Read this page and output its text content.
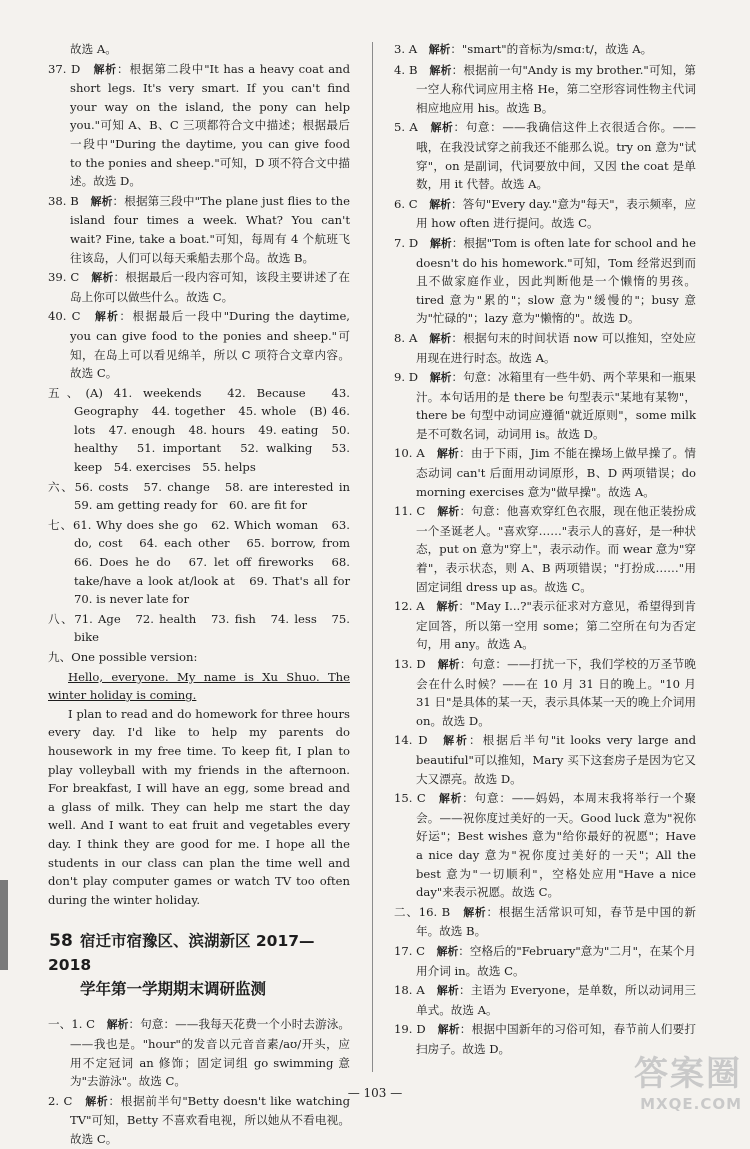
故选 A。
37. D　 解析：根据第二段中"It has a heavy coat and short legs. It's very smart. If you can't find your way on the island, the pony can help you."可知 A、B、C 三项都符合文中描述；根据最后一段中"During the daytime, you can give food to the ponies and sheep."可知，D 项不符合文中描述。故选 D。
38. B　 解析：根据第三段中"The plane just flies to the island four times a week. What? You can't wait? Fine, take a boat."可知，每周有 4 个航班飞往该岛，人们可以每天乘船去那个岛。故选 B。
39. C　 解析：根据最后一段内容可知，该段主要讲述了在岛上你可以做些什么。故选 C。
40. C　 解析：根据最后一段中"During the daytime, you can give food to the ponies and sheep."可知，在岛上可以看见绵羊，所以 C 项符合文章内容。故选 C。
五、(A) 41. weekends　42. Because　43. Geography　44. together　45. whole　(B) 46. lots　47. enough　48. hours　49. eating　50. healthy　51. important　52. walking　53. keep　54. exercises　55. helps
六、56. costs　57. change　58. are interested in　59. am getting ready for　60. are fit for
七、61. Why does she go　62. Which woman　63. do, cost　64. each other　65. borrow, from　66. Does he do　67. let off fireworks　68. take/have a look at/look at　69. That's all for　70. is never late for
八、71. Age　72. health　73. fish　74. less　75. bike
九、One possible version:

Hello, everyone. My name is Xu Shuo. The winter holiday is coming.

I plan to read and do homework for three hours every day. I'd like to help my parents do housework in my free time. To keep fit, I plan to play volleyball with my friends in the afternoon. For breakfast, I will have an egg, some bread and a glass of milk. They can help me start the day well. And I want to eat fruit and vegetables every day. I think they are good for me. I hope all the students in our class can plan the time well and don't play computer games or watch TV too often during the winter holiday.

58 宿迁市宿豫区、滨湖新区 2017—2018
学年第一学期期末调研监测
一、1. C　 解析：句意：——我每天花费一个小时去游泳。——我也是。"hour"的发音以元音音素/aʊ/开头，应用不定冠词 an 修饰；固定词组 go swimming 意为"去游泳"。故选 C。
2. C　 解析：根据前半句"Betty doesn't like watching TV"可知，Betty 不喜欢看电视，所以她从不看电视。故选 C。
3. A　 解析："smart"的音标为/smɑːt/，故选 A。
4. B　 解析：根据前一句"Andy is my brother."可知，第一空人称代词应用主格 He，第二空形容词性物主代词相应地应用 his。故选 B。
5. A　 解析：句意：——我确信这件上衣很适合你。——哦，在我没试穿之前我还不能那么说。try on 意为"试穿"，on 是副词，代词要放中间，又因 the coat 是单数，用 it 代替。故选 A。
6. C　 解析：答句"Every day."意为"每天"，表示频率，应用 how often 进行提问。故选 C。
7. D　 解析：根据"Tom is often late for school and he doesn't do his homework."可知，Tom 经常迟到而且不做家庭作业，因此判断他是一个懒惰的男孩。tired 意为"累的"；slow 意为"缓慢的"；busy 意为"忙碌的"；lazy 意为"懒惰的"。故选 D。
8. A　 解析：根据句末的时间状语 now 可以推知，空处应用现在进行时态。故选 A。
9. D　 解析：句意：冰箱里有一些牛奶、两个苹果和一瓶果汁。本句话用的是 there be 句型表示"某地有某物"，there be 句型中动词应遵循"就近原则"，some milk 是不可数名词，动词用 is。故选 D。
10. A　 解析：由于下雨，Jim 不能在操场上做早操了。情态动词 can't 后面用动词原形，B、D 两项错误；do morning exercises 意为"做早操"。故选 A。
11. C　 解析：句意：他喜欢穿红色衣服，现在他正装扮成一个圣诞老人。"喜欢穿……"表示人的喜好，是一种状态，put on 意为"穿上"，表示动作。而 wear 意为"穿着"，表示状态，则 A、B 两项错误；"打扮成……"用固定词组 dress up as。故选 C。
12. A　 解析："May I...?"表示征求对方意见，希望得到肯定回答，所以第一空用 some；第二空所在句为否定句，用 any。故选 A。
13. D　 解析：句意：——打扰一下，我们学校的万圣节晚会在什么时候？——在 10 月 31 日的晚上。"10 月 31 日"是具体的某一天，表示具体某一天的晚上介词用 on。故选 D。
14. D　 解析：根据后半句"it looks very large and beautiful"可以推知，Mary 买下这套房子是因为它又大又漂亮。故选 D。
15. C　 解析：句意：——妈妈，本周末我将举行一个聚会。——祝你度过美好的一天。Good luck 意为"祝你好运"；Best wishes 意为"给你最好的祝愿"；Have a nice day 意为"祝你度过美好的一天"；All the best 意为"一切顺利"，空格处应用"Have a nice day"来表示祝愿。故选 C。
二、16. B　 解析：根据生活常识可知，春节是中国的新年。故选 B。
17. C　 解析：空格后的"February"意为"二月"，在某个月用介词 in。故选 C。
18. A　 解析：主语为 Everyone，是单数，所以动词用三单式。故选 A。
19. D　 解析：根据中国新年的习俗可知，春节前人们要打扫房子。故选 D。
— 103 —	答案圈
MXQE.COM
